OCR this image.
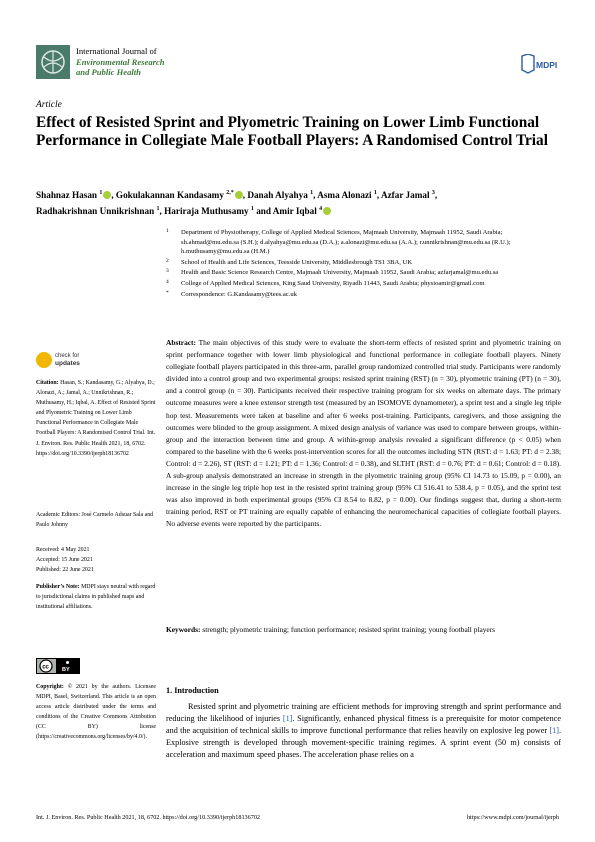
International Journal of
Environmental Research
and Public Health
MDPI
Article
Effect of Resisted Sprint and Plyometric Training on Lower Limb Functional Performance in Collegiate Male Football Players: A Randomised Control Trial
Shahnaz Hasan $^1$ , Gokulakannan Kandasamy $^{2,*}$ , Danah Alyahya $^1$, Asma Alonazi $^1$, Azfar Jamal $^3$,
Radhakrishnan Unnikrishnan $^1$, Hariraja Muthusamy $^1$ and Amir Iqbal $^4$
1 Department of Physiotherapy, College of Applied Medical Sciences, Majmaah University, Majmaah 11952, Saudi Arabia; sh.ahmad@mu.edu.sa (S.H.); d.alyahya@mu.edu.sa (D.A.); a.alonazi@mu.edu.sa (A.A.); r.unnikrishnan@mu.edu.sa (R.U.); h.muthusamy@mu.edu.sa (H.M.)
2 School of Health and Life Sciences, Teesside University, Middlesbrough TS1 3BA, UK
3 Health and Basic Science Research Centre, Majmaah University, Majmaah 11952, Saudi Arabia; azfarjamal@mu.edu.sa
4 College of Applied Medical Sciences, King Saud University, Riyadh 11443, Saudi Arabia; physioamir@gmail.com
* Correspondence: G.Kandasamy@tees.ac.uk
Abstract: The main objectives of this study were to evaluate the short-term effects of resisted sprint and plyometric training on sprint performance together with lower limb physiological and functional performance in collegiate football players. Ninety collegiate football players participated in this three-arm, parallel group randomized controlled trial study. Participants were randomly divided into a control group and two experimental groups: resisted sprint training (RST) (n = 30), plyometric training (PT) (n = 30), and a control group (n = 30). Participants received their respective training program for six weeks on alternate days. The primary outcome measures were a knee extensor strength test (measured by an ISOMOVE dynamometer), a sprint test and a single leg triple hop test. Measurements were taken at baseline and after 6 weeks post-training. Participants, caregivers, and those assigning the outcomes were blinded to the group assignment. A mixed design analysis of variance was used to compare between groups, within-group and the interaction between time and group. A within-group analysis revealed a significant difference (p < 0.05) when compared to the baseline with the 6 weeks post-intervention scores for all the outcomes including STN (RST: d = 1.63; PT: d = 2.38; Control: d = 2.26), ST (RST: d = 1.21; PT: d = 1.36; Control: d = 0.38), and SLTHT (RST: d = 0.76; PT: d = 0.61; Control: d = 0.18). A sub-group analysis demonstrated an increase in strength in the plyometric training group (95% CI 14.73 to 15.09, p = 0.00), an increase in the single leg triple hop test in the resisted sprint training group (95% CI 516.41 to 538.4, p = 0.05), and the sprint test was also improved in both experimental groups (95% CI 8.54 to 8.82, p = 0.00). Our findings suggest that, during a short-term training period, RST or PT training are equally capable of enhancing the neuromechanical capacities of collegiate football players. No adverse events were reported by the participants.
Keywords: strength; plyometric training; function performance; resisted sprint training; young football players
check for
updates
Citation: Hasan, S.; Kandasamy, G.; Alyahya, D.; Alonazi, A.; Jamal, A.; Unnikrishnan, R.; Muthusamy, H.; Iqbal, A. Effect of Resisted Sprint and Plyometric Training on Lower Limb Functional Performance in Collegiate Male Football Players: A Randomised Control Trial. Int. J. Environ. Res. Public Health 2021, 18, 6702. https://doi.org/10.3390/ijerph18136702
Academic Editors: José Carmelo Adsuar Sala and Paulo Johnny
Received: 4 May 2021
Accepted: 15 June 2021
Published: 22 June 2021
Publisher’s Note: MDPI stays neutral with regard to jurisdictional claims in published maps and institutional affiliations.
cc BY
Copyright: © 2021 by the authors. Licensee MDPI, Basel, Switzerland. This article is an open access article distributed under the terms and conditions of the Creative Commons Attribution (CC BY) license (https://creativecommons.org/licenses/by/4.0/).
1. Introduction
Resisted sprint and plyometric training are efficient methods for improving strength and sprint performance and reducing the likelihood of injuries [1]. Significantly, enhanced physical fitness is a prerequisite for motor competence and the acquisition of technical skills to improve functional performance that relies heavily on explosive leg power [1]. Explosive strength is developed through movement-specific training regimes. A sprint event (50 m) consists of acceleration and maximum speed phases. The acceleration phase relies on a
Int. J. Environ. Res. Public Health 2021, 18, 6702. https://doi.org/10.3390/ijerph18136702	https://www.mdpi.com/journal/ijerph
